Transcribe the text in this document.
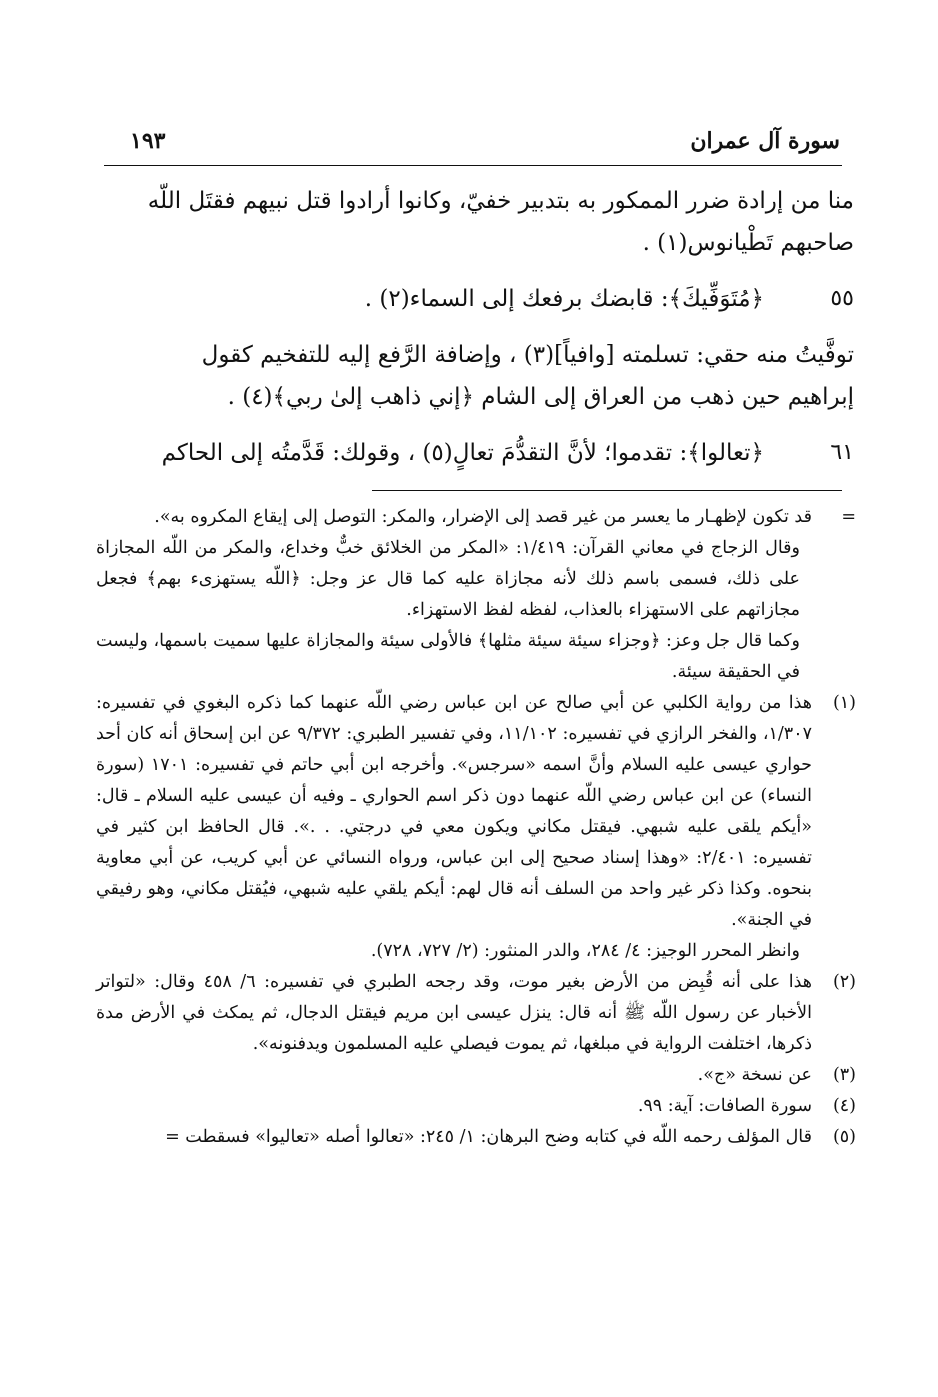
سورة آل عمران
١٩٣
منا من إرادة ضرر الممكور به بتدبير خفيّ، وكانوا أرادوا قتل نبيهم فقتَل اللّه
صاحبهم تَطْيانوس(١) .
٥٥
﴿مُتَوَفِّيكَ﴾: قابضك برفعك إلى السماء(٢) .
توفَّيتُ منه حقي: تسلمته [وافياً](٣) ، وإضافة الرَّفع إليه للتفخيم كقول
إبراهيم حين ذهب من العراق إلى الشام ﴿إني ذاهب إلىٰ ربي﴾(٤) .
٦١
﴿تعالوا﴾: تقدموا؛ لأنَّ التقدُّمَ تعالٍ(٥) ، وقولك: قَدَّمتُه إلى الحاكم
=

قد تكون لإظهـار ما يعسر من غير قصد إلى الإضرار، والمكر: التوصل إلى إيقاع المكروه به».

وقال الزجاج في معاني القرآن: ١/٤١٩: «المكر من الخلائق خبٌّ وخداع، والمكر من اللّه المجازاة على ذلك، فسمى باسم ذلك لأنه مجازاة عليه كما قال عز وجل: ﴿اللّه يستهزىء بهم﴾ فجعل مجازاتهم على الاستهزاء بالعذاب، لفظه لفظ الاستهزاء.

وكما قال جل وعز: ﴿وجزاء سيئة سيئة مثلها﴾ فالأولى سيئة والمجازاة عليها سميت باسمها، وليست في الحقيقة سيئة.

(١)

هذا من رواية الكلبي عن أبي صالح عن ابن عباس رضي اللّه عنهما كما ذكره البغوي في تفسيره: ١/٣٠٧، والفخر الرازي في تفسيره: ١١/١٠٢، وفي تفسير الطبري: ٩/٣٧٢ عن ابن إسحاق أنه كان أحد حواري عيسى عليه السلام وأنَّ اسمه «سرجس». وأخرجه ابن أبي حاتم في تفسيره: ١٧٠١ (سورة النساء) عن ابن عباس رضي اللّه عنهما دون ذكر اسم الحواري ـ وفيه أن عيسى عليه السلام ـ قال: «أيكم يلقى عليه شبهي. فيقتل مكاني ويكون معي في درجتي. . .». قال الحافظ ابن كثير في تفسيره: ٢/٤٠١: «وهذا إسناد صحيح إلى ابن عباس، ورواه النسائي عن أبي كريب، عن أبي معاوية بنحوه. وكذا ذكر غير واحد من السلف أنه قال لهم: أيكم يلقي عليه شبهي، فيُقتل مكاني، وهو رفيقي في الجنة».

وانظر المحرر الوجيز: ٤/ ٢٨٤، والدر المنثور: (٢/ ٧٢٧، ٧٢٨).

(٢)

هذا على أنه قُبِض من الأرض بغير موت، وقد رجحه الطبري في تفسيره: ٦/ ٤٥٨ وقال: «لتواتر الأخبار عن رسول اللّه ﷺ أنه قال: ينزل عيسى ابن مريم فيقتل الدجال، ثم يمكث في الأرض مدة ذكرها، اختلفت الرواية في مبلغها، ثم يموت فيصلي عليه المسلمون ويدفنونه».

(٣)

عن نسخة «ج».

(٤)

سورة الصافات: آية: ٩٩.

(٥)

قال المؤلف رحمه اللّه في كتابه وضح البرهان: ١/ ٢٤٥: «تعالوا أصله «تعاليوا» فسقطت =
